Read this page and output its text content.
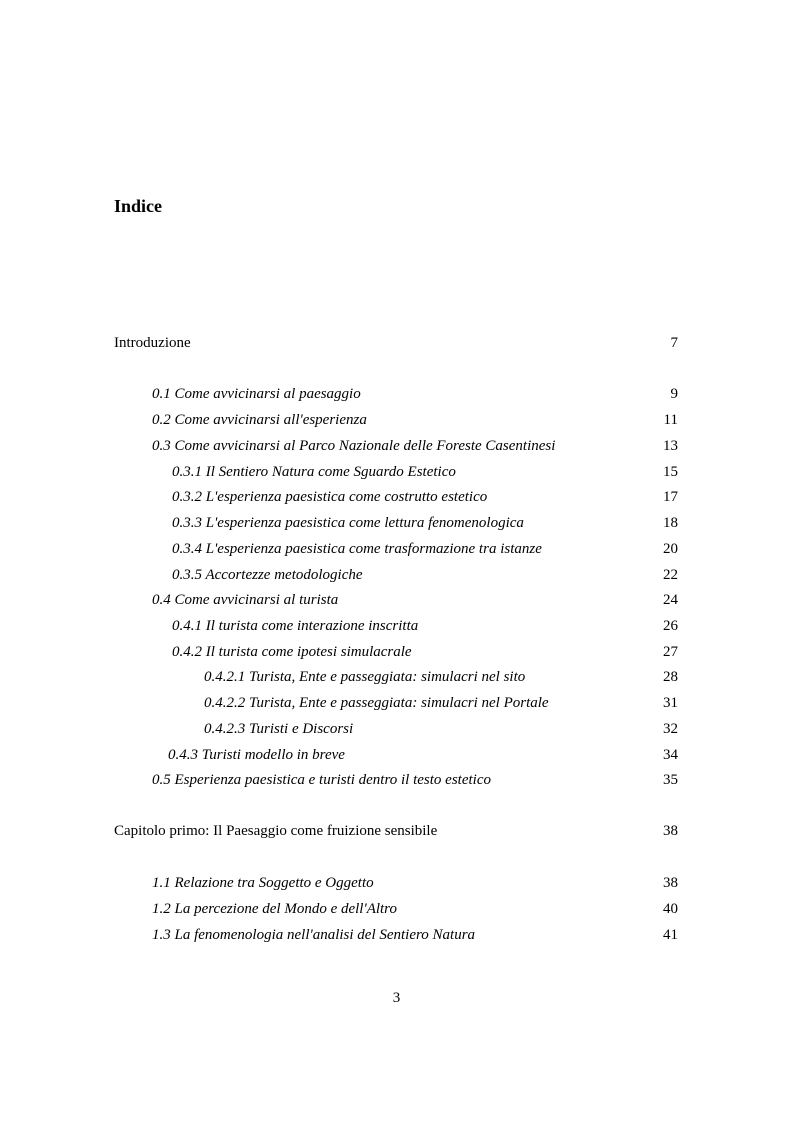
Indice
Introduzione	7
0.1 Come avvicinarsi al paesaggio	9
0.2 Come avvicinarsi all'esperienza	11
0.3 Come avvicinarsi al Parco Nazionale delle Foreste Casentinesi	13
0.3.1 Il Sentiero Natura come Sguardo Estetico	15
0.3.2 L'esperienza paesistica come costrutto estetico	17
0.3.3 L'esperienza paesistica come lettura fenomenologica	18
0.3.4 L'esperienza paesistica come trasformazione tra istanze	20
0.3.5 Accortezze metodologiche	22
0.4 Come avvicinarsi al turista	24
0.4.1 Il turista come interazione inscritta	26
0.4.2 Il turista come ipotesi simulacrale	27
0.4.2.1 Turista, Ente e passeggiata: simulacri nel sito	28
0.4.2.2 Turista, Ente e passeggiata: simulacri nel Portale	31
0.4.2.3 Turisti e Discorsi	32
0.4.3 Turisti modello in breve	34
0.5 Esperienza paesistica e turisti dentro il testo estetico	35
Capitolo primo: Il Paesaggio come fruizione sensibile	38
1.1 Relazione tra Soggetto e Oggetto	38
1.2 La percezione del Mondo e dell'Altro	40
1.3 La fenomenologia nell'analisi del Sentiero Natura	41
3
